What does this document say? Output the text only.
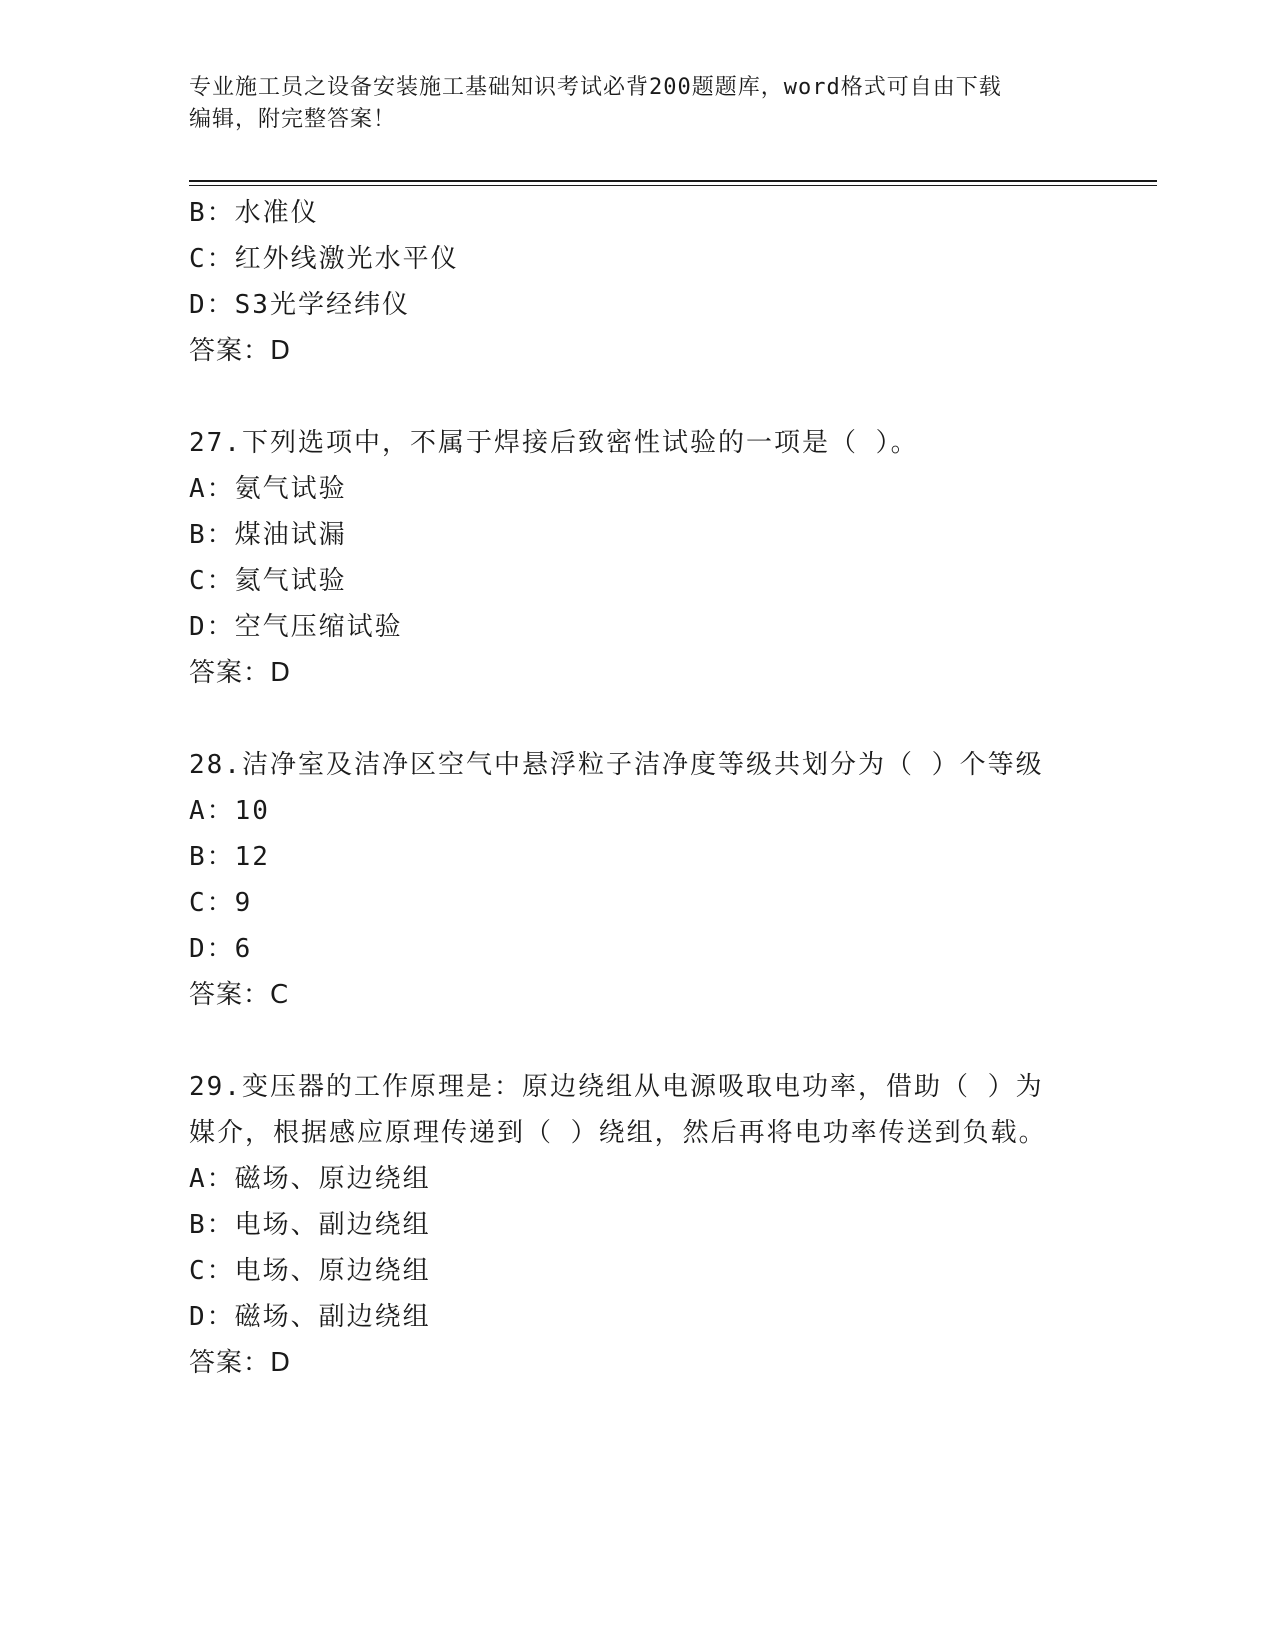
专业施工员之设备安装施工基础知识考试必背200题题库，word格式可自由下载
编辑，附完整答案！
B：水准仪
C：红外线激光水平仪
D：S3光学经纬仪
答案：D
27.下列选项中，不属于焊接后致密性试验的一项是（ ）。
A：氨气试验
B：煤油试漏
C：氦气试验
D：空气压缩试验
答案：D
28.洁净室及洁净区空气中悬浮粒子洁净度等级共划分为（ ）个等级
A：10
B：12
C：9
D：6
答案：C
29.变压器的工作原理是：原边绕组从电源吸取电功率，借助（ ）为
媒介，根据感应原理传递到（ ）绕组，然后再将电功率传送到负载。
A：磁场、原边绕组
B：电场、副边绕组
C：电场、原边绕组
D：磁场、副边绕组
答案：D
